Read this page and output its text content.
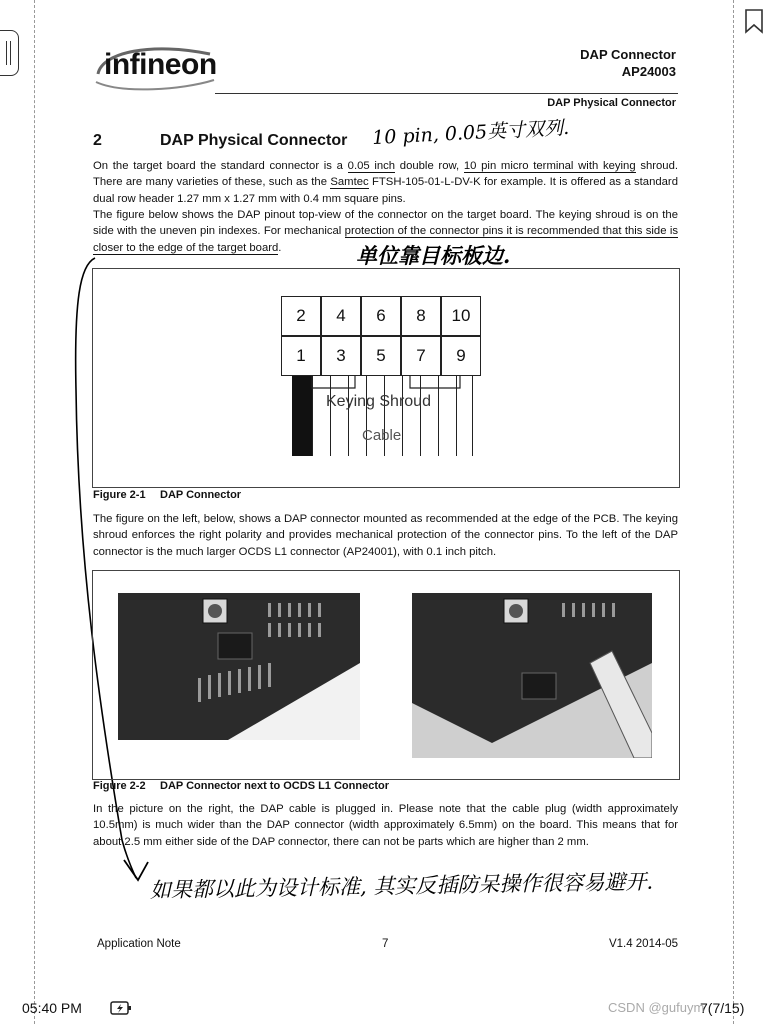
infineon	DAP Connector
AP24003
DAP Physical Connector
2	DAP Physical Connector 10 pin, 0.05英寸双列.

On the target board the standard connector is a 0.05 inch double row, 10 pin micro terminal with keying shroud. There are many varieties of these, such as the Samtec FTSH-105-01-L-DV-K for example. It is offered as a standard dual row header 1.27 mm x 1.27 mm with 0.4 mm square pins.

The figure below shows the DAP pinout top-view of the connector on the target board. The keying shroud is on the side with the uneven pin indexes. For mechanical protection of the connector pins it is recommended that this side is closer to the edge of the target board.	单位靠目标板边.
2	4	6	8	10
1	3	5	7	9
Keying Shroud
Cable
Figure 2-1 DAP Connector

The figure on the left, below, shows a DAP connector mounted as recommended at the edge of the PCB. The keying shroud enforces the right polarity and provides mechanical protection of the connector pins. To the left of the DAP connector is the much larger OCDS L1 connector (AP24001), with 0.1 inch pitch.

Figure 2-2 DAP Connector next to OCDS L1 Connector

In the picture on the right, the DAP cable is plugged in. Please note that the cable plug (width approximately 10.5mm) is much wider than the DAP connector (width approximately 6.5mm) on the board. This means that for about 2.5 mm either side of the DAP connector, there can not be parts which are higher than 2 mm.

如果都以此为设计标准, 其实反插防呆操作很容易避开.
Application Note	7	V1.4 2014-05
05:40 PM	7(7/15)
CSDN @gufuym
